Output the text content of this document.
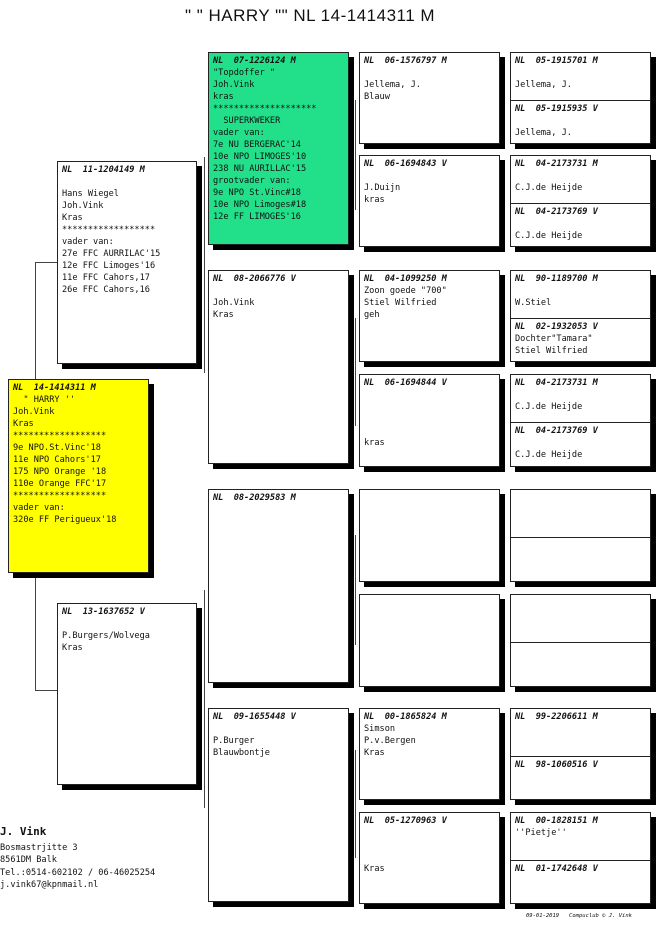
" " HARRY "" NL 14-1414311 M
NL  14-1414311 M
" HARRY ''
Joh.Vink
Kras
******************
9e NPO.St.Vinc'18
11e NPO Cahors'17
175 NPO Orange '18
110e Orange FFC'17
******************
vader van:
320e FF Perigueux'18
NL  11-1204149 M

Hans Wiegel
Joh.Vink
Kras
******************
vader van:
27e FFC AURRILAC'15
12e FFC Limoges'16
11e FFC Cahors,17
26e FFC Cahors,16
NL  13-1637652 V

P.Burgers/Wolvega
Kras
NL  07-1226124 M
"Topdoffer "
Joh.Vink
kras
********************
SUPERKWEKER
vader van:
7e NU BERGERAC'14
10e NPO LIMOGES'10
238 NU AURILLAC'15
grootvader van:
9e NPO St.Vinc#18
10e NPO Limoges#18
12e FF LIMOGES'16
NL  08-2066776 V

Joh.Vink
Kras
NL  08-2029583 M
NL  09-1655448 V

P.Burger
Blauwbontje
NL  06-1576797 M

Jellema, J.
Blauw
NL  06-1694843 V

J.Duijn
kras
NL  04-1099250 M
Zoon goede "700"
Stiel Wilfried
geh
NL  06-1694844 V

kras
NL  00-1865824 M
Simson
P.v.Bergen
Kras
NL  05-1270963 V

Kras
NL  05-1915701 M

Jellema, J.
NL  05-1915935 V

Jellema, J.
NL  04-2173731 M

C.J.de Heijde
NL  04-2173769 V

C.J.de Heijde
NL  90-1189700 M

W.Stiel
NL  02-1932053 V
Dochter"Tamara"
Stiel Wilfried
NL  04-2173731 M

C.J.de Heijde
NL  04-2173769 V

C.J.de Heijde
NL  99-2206611 M
NL  98-1060516 V
NL  00-1828151 M
''Pietje''
NL  01-1742648 V
J. Vink
Bosmastrjitte 3
8561DM Balk
Tel.:0514-602102 / 06-46025254
j.vink67@kpnmail.nl
09-01-2019   Compuclub © J. Vink
